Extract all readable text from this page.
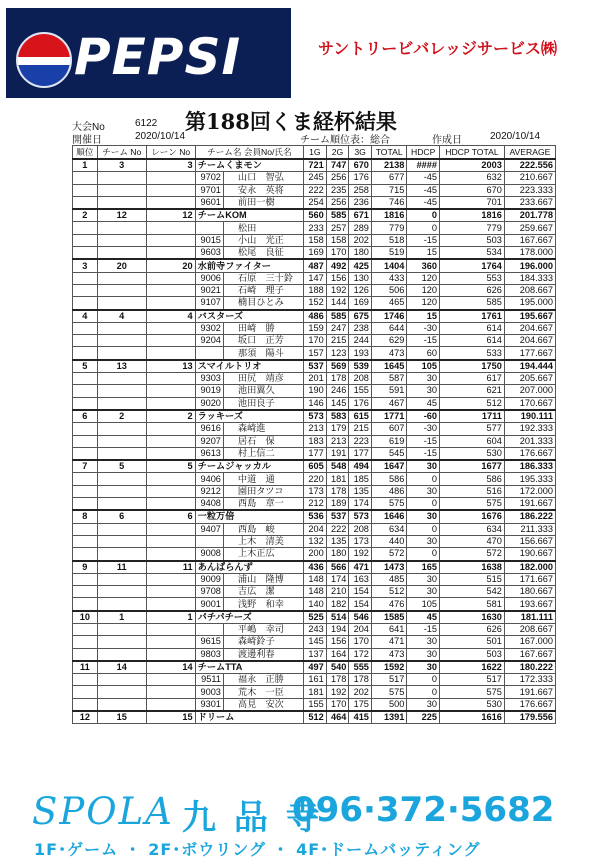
PEPSI	サントリービバレッジサービス㈱
第188回くま経杯結果
大会No	6122
開催日	2020/10/14	チーム順位表：総合	作成日	2020/10/14
順位	チーム No	レーン No	チーム名 会員No/氏名		1G	2G	3G	TOTAL	HDCP	HDCP TOTAL	AVERAGE
1	3	3	チームくまモン		721	747	670	2138	####	2003	222.556
			9702	山口　智弘	245	256	176	677	-45	632	210.667
			9701	安永　英将	222	235	258	715	-45	670	223.333
			9601	前田一樹	254	256	236	746	-45	701	233.667
2	12	12	チームKOM		560	585	671	1816	0	1816	201.778
				松田	233	257	289	779	0	779	259.667
			9015	小山　光正	158	158	202	518	-15	503	167.667
			9603	松尾　良征	169	170	180	519	15	534	178.000
3	20	20	水前寺ファイター		487	492	425	1404	360	1764	196.000
			9006	石原　三十鈴	147	156	130	433	120	553	184.333
			9021	石崎　理子	188	192	126	506	120	626	208.667
			9107	楠目ひとみ	152	144	169	465	120	585	195.000
4	4	4	バスターズ		486	585	675	1746	15	1761	195.667
			9302	田崎　勝	159	247	238	644	-30	614	204.667
			9204	坂口　正芳	170	215	244	629	-15	614	204.667
				那須　陽斗	157	123	193	473	60	533	177.667
5	13	13	スマイルトリオ		537	569	539	1645	105	1750	194.444
			9303	田尻　靖彦	201	178	208	587	30	617	205.667
			9019	池田翼久	190	246	155	591	30	621	207.000
			9020	池田良子	146	145	176	467	45	512	170.667
6	2	2	ラッキーズ		573	583	615	1771	-60	1711	190.111
			9616	森崎進	213	179	215	607	-30	577	192.333
			9207	居石　保	183	213	223	619	-15	604	201.333
			9613	村上信二	177	191	177	545	-15	530	176.667
7	5	5	チームジャッカル		605	548	494	1647	30	1677	186.333
			9406	中道　通	220	181	185	586	0	586	195.333
			9212	園田タツコ	173	178	135	486	30	516	172.000
			9408	西島　章一	212	189	174	575	0	575	191.667
8	6	6	一粒万倍		536	537	573	1646	30	1676	186.222
			9407	西島　峻	204	222	208	634	0	634	211.333
				上木　清美	132	135	173	440	30	470	156.667
			9008	上木正広	200	180	192	572	0	572	190.667
9	11	11	あんぱらんず		436	566	471	1473	165	1638	182.000
			9009	浦山　隆博	148	174	163	485	30	515	171.667
			9708	吉広　潔	148	210	154	512	30	542	180.667
			9001	浅野　和幸	140	182	154	476	105	581	193.667
10	1	1	パチパチーズ		525	514	546	1585	45	1630	181.111
				平嶋　幸司	243	194	204	641	-15	626	208.667
			9615	森崎鈴子	145	156	170	471	30	501	167.000
			9803	渡邊利春	137	164	172	473	30	503	167.667
11	14	14	チームTTA		497	540	555	1592	30	1622	180.222
			9511	福永　正勝	161	178	178	517	0	517	172.333
			9003	荒木　一臣	181	192	202	575	0	575	191.667
			9301	高見　安次	155	170	175	500	30	530	176.667
12	15	15	ドリーム		512	464	415	1391	225	1616	179.556
SPOLA 九 品 寺
096·372·5682
1F･ゲーム ・ 2F･ボウリング ・ 4F･ドームバッティング
